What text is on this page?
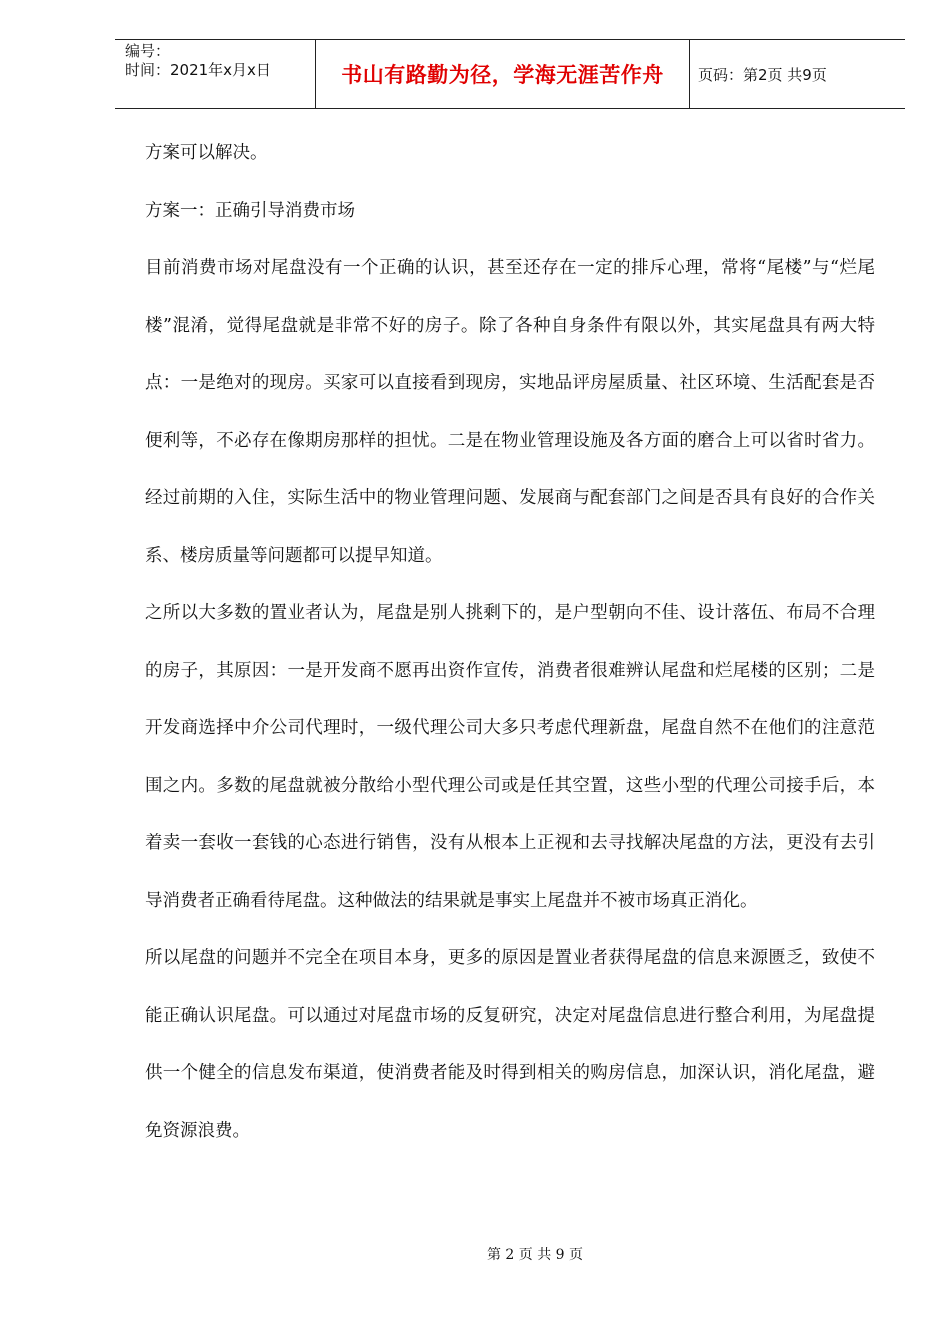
编号：
时间：2021年x月x日	书山有路勤为径，学海无涯苦作舟	页码：第2页 共9页

方案可以解决。

方案一：正确引导消费市场

目前消费市场对尾盘没有一个正确的认识，甚至还存在一定的排斥心理，常将“尾楼”与“烂尾楼”混淆，觉得尾盘就是非常不好的房子。除了各种自身条件有限以外，其实尾盘具有两大特点：一是绝对的现房。买家可以直接看到现房，实地品评房屋质量、社区环境、生活配套是否便利等，不必存在像期房那样的担忧。二是在物业管理设施及各方面的磨合上可以省时省力。经过前期的入住，实际生活中的物业管理问题、发展商与配套部门之间是否具有良好的合作关系、楼房质量等问题都可以提早知道。

之所以大多数的置业者认为，尾盘是别人挑剩下的，是户型朝向不佳、设计落伍、布局不合理的房子，其原因：一是开发商不愿再出资作宣传，消费者很难辨认尾盘和烂尾楼的区别；二是开发商选择中介公司代理时，一级代理公司大多只考虑代理新盘，尾盘自然不在他们的注意范围之内。多数的尾盘就被分散给小型代理公司或是任其空置，这些小型的代理公司接手后，本着卖一套收一套钱的心态进行销售，没有从根本上正视和去寻找解决尾盘的方法，更没有去引导消费者正确看待尾盘。这种做法的结果就是事实上尾盘并不被市场真正消化。

所以尾盘的问题并不完全在项目本身，更多的原因是置业者获得尾盘的信息来源匮乏，致使不能正确认识尾盘。可以通过对尾盘市场的反复研究，决定对尾盘信息进行整合利用，为尾盘提供一个健全的信息发布渠道，使消费者能及时得到相关的购房信息，加深认识，消化尾盘，避免资源浪费。

第 2 页 共 9 页
